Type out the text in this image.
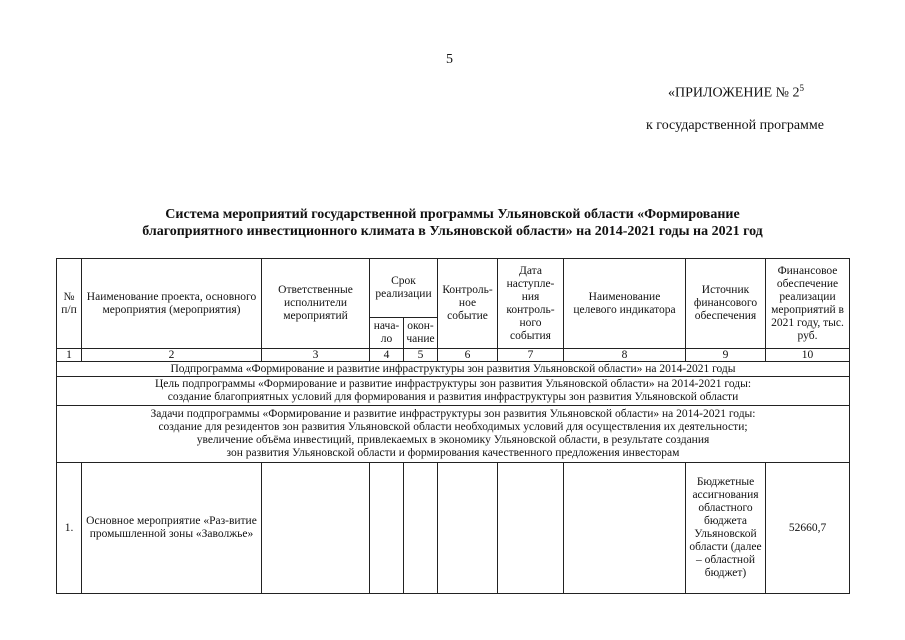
5
«ПРИЛОЖЕНИЕ № $2^5$
к государственной программе
Система мероприятий государственной программы Ульяновской области «Формирование
благоприятного инвестиционного климата в Ульяновской области» на 2014-2021 годы на 2021 год
№ п/п	Наименование проекта, основного мероприятия (мероприятия)	Ответственные исполнители мероприятий	Срок реализации		Контроль-ное событие	Дата наступле-ния контроль-ного события	Наименование целевого индикатора	Источник финансового обеспечения	Финансовое обеспечение реализации мероприятий в 2021 году, тыс. руб.
			нача-ло	окон-чание					
1	2	3	4	5	6	7	8	9	10
Подпрограмма «Формирование и развитие инфраструктуры зон развития Ульяновской области» на 2014-2021 годы									

Цель подпрограммы «Формирование и развитие инфраструктуры зон развития Ульяновской области» на 2014-2021 годы:
создание благоприятных условий для формирования и развития инфраструктуры зон развития Ульяновской области									

Задачи подпрограммы «Формирование и развитие инфраструктуры зон развития Ульяновской области» на 2014-2021 годы:
создание для резидентов зон развития Ульяновской области необходимых условий для осуществления их деятельности;
увеличение объёма инвестиций, привлекаемых в экономику Ульяновской области, в результате создания
зон развития Ульяновской области и формирования качественного предложения инвесторам									

1.	Основное мероприятие «Раз-витие промышленной зоны «Заволжье»							Бюджетные ассигнования областного бюджета Ульяновской области (далее – областной бюджет)	52660,7
